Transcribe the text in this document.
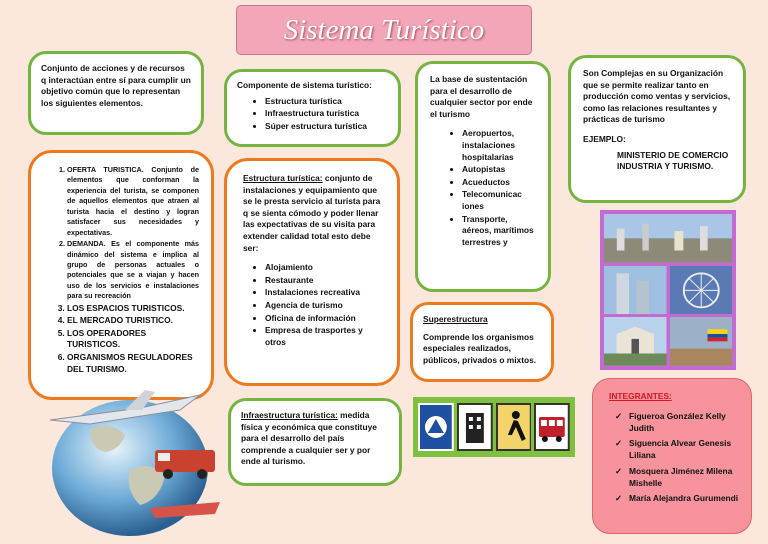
Sistema Turístico
Conjunto de acciones y de recursos q interactúan entre sí para cumplir un objetivo común que lo representan los siguientes elementos.
Componente de sistema turístico:
• Estructura turística
• Infraestructura turística
• Súper estructura turística
1. OFERTA TURISTICA. Conjunto de elementos que conforman la experiencia del turista, se componen de aquellos elementos que atraen al turista hacia el destino y logran satisfacer sus necesidades y expectativas.
2. DEMANDA. Es el componente más dinámico del sistema e implica al grupo de personas actuales o potenciales que se a viajan y hacen uso de los servicios e instalaciones para su recreación
3. LOS ESPACIOS TURISTICOS.
4. EL MERCADO TURISTICO.
5. LOS OPERADORES TURISTICOS.
6. ORGANISMOS REGULADORES DEL TURISMO.
Estructura turística: conjunto de instalaciones y equipamiento que se le presta servicio al turista para q se sienta cómodo y poder llenar las expectativas de su visita para extender calidad total esto debe ser:
• Alojamiento
• Restaurante
• Instalaciones recreativa
• Agencia de turismo
• Oficina de información
• Empresa de trasportes y otros
La base de sustentación para el desarrollo de cualquier sector por ende el turismo
• Aeropuertos, instalaciones hospitalarias
• Autopistas
• Acueductos
• Telecomunicaciones
• Transporte, aéreos, marítimos terrestres y
Son Complejas en su Organización que se permite realizar tanto en producción como ventas y servicios, como las relaciones resultantes y prácticas de turismo
EJEMPLO:
MINISTERIO DE COMERCIO INDUSTRIA Y TURISMO.
Superestructura
Comprende los organismos especiales realizados, públicos, privados o mixtos.
Infraestructura turística: medida física y económica que constituye para el desarrollo del país comprende a cualquier ser y por ende al turismo.
INTEGRANTES:
✓ Figueroa González Kelly Judith
✓ Siguencia Alvear Genesis Liliana
✓ Mosquera Jiménez Milena Mishelle
✓ María Alejandra Gurumendi
